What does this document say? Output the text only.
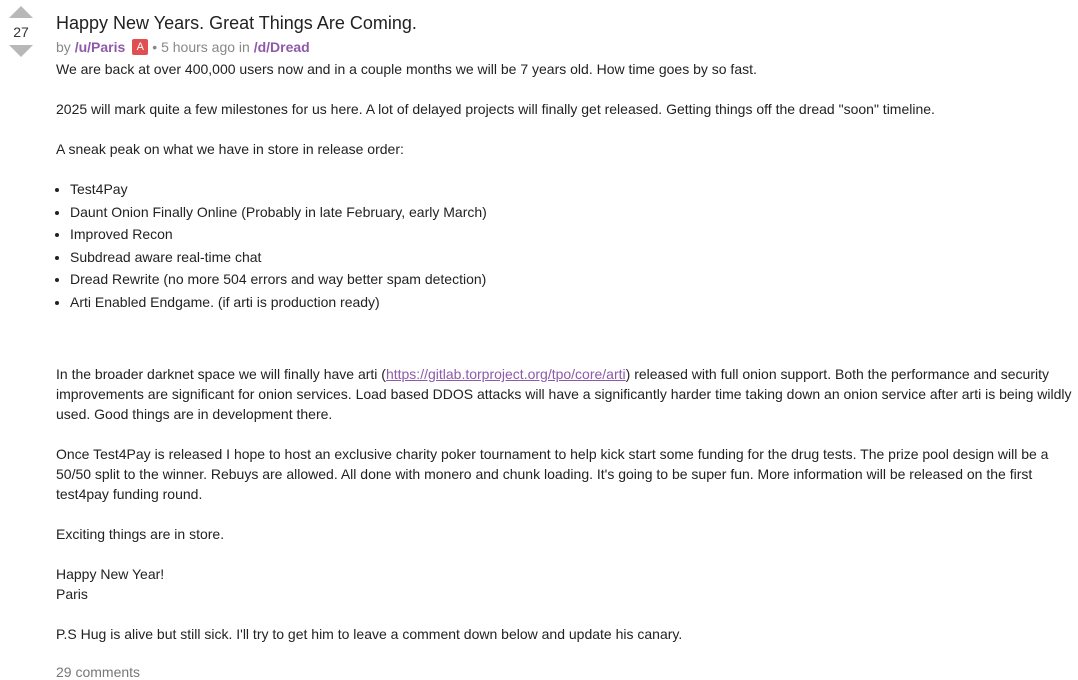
27 Happy New Years. Great Things Are Coming.
by
/u/Paris	A • 5 hours ago in
/d/Dread

We are back at over 400,000 users now and in a couple months we will be 7 years old. How time goes by so fast.

2025 will mark quite a few milestones for us here. A lot of delayed projects will finally get released. Getting things off the dread "soon" timeline.

A sneak peak on what we have in store in release order:

• Test4Pay
• Daunt Onion Finally Online (Probably in late February, early March)
• Improved Recon
• Subdread aware real-time chat
• Dread Rewrite (no more 504 errors and way better spam detection)
• Arti Enabled Endgame. (if arti is production ready)

In the broader darknet space we will finally have arti (https://gitlab.torproject.org/tpo/core/arti) released with full onion support. Both the performance and security improvements are significant for onion services. Load based DDOS attacks will have a significantly harder time taking down an onion service after arti is being wildly used. Good things are in development there.

Once Test4Pay is released I hope to host an exclusive charity poker tournament to help kick start some funding for the drug tests. The prize pool design will be a 50/50 split to the winner. Rebuys are allowed. All done with monero and chunk loading. It's going to be super fun. More information will be released on the first test4pay funding round.

Exciting things are in store.

Happy New Year!
Paris

P.S Hug is alive but still sick. I'll try to get him to leave a comment down below and update his canary.

29 comments
